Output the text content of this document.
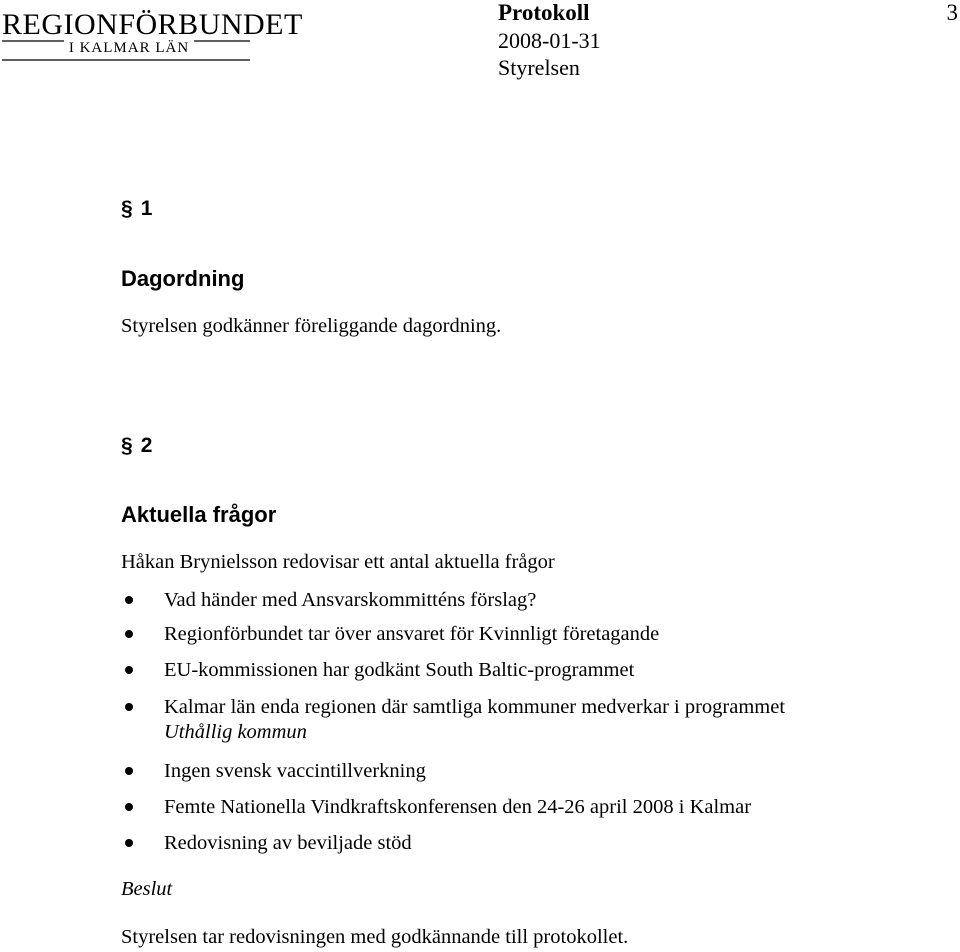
REGIONFÖRBUNDET
I KALMAR LÄN
Protokoll	3
2008-01-31
Styrelsen
§ 1
Dagordning
Styrelsen godkänner föreliggande dagordning.
§ 2
Aktuella frågor
Håkan Brynielsson redovisar ett antal aktuella frågor
Vad händer med Ansvarskommitténs förslag?
Regionförbundet tar över ansvaret för Kvinnligt företagande
EU-kommissionen har godkänt South Baltic-programmet
Kalmar län enda regionen där samtliga kommuner medverkar i programmet
Uthållig kommun
Ingen svensk vaccintillverkning
Femte Nationella Vindkraftskonferensen den 24-26 april 2008 i Kalmar
Redovisning av beviljade stöd
Beslut
Styrelsen tar redovisningen med godkännande till protokollet.
